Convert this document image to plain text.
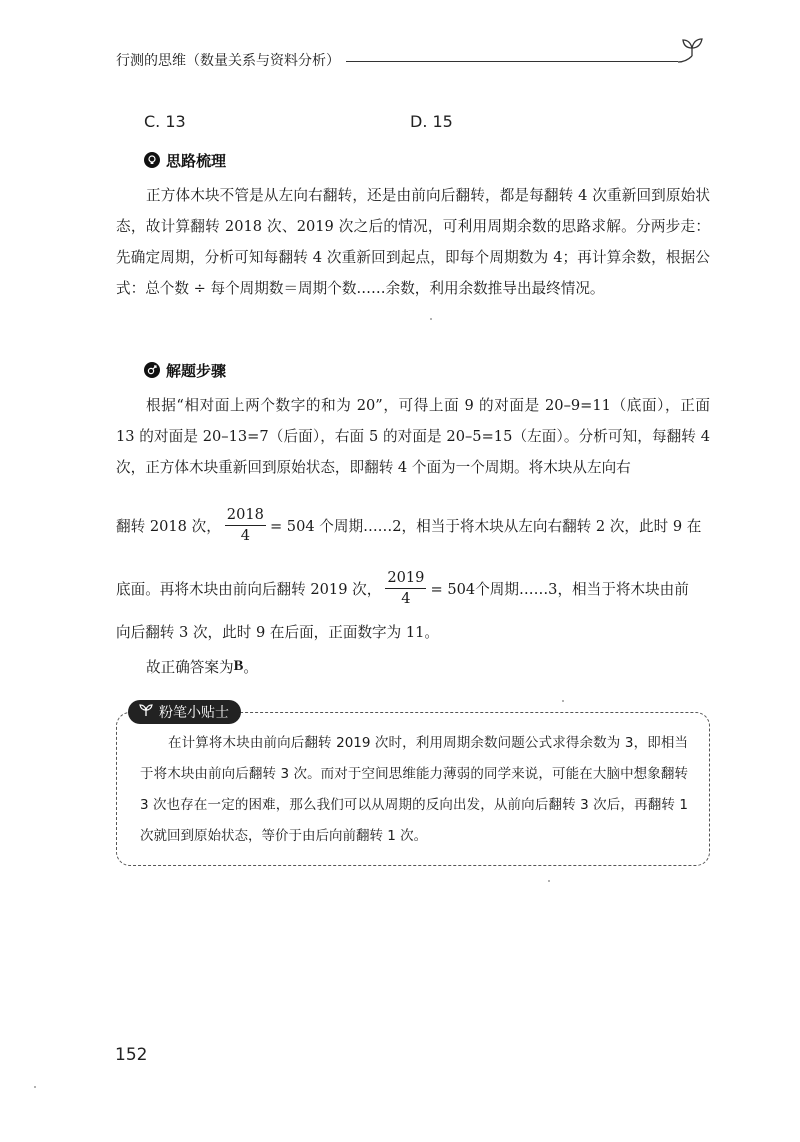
行测的思维（数量关系与资料分析）
C. 13	D. 15
思路梳理

正方体木块不管是从左向右翻转，还是由前向后翻转，都是每翻转 4 次重新回到原始状态，故计算翻转 2018 次、2019 次之后的情况，可利用周期余数的思路求解。分两步走：先确定周期，分析可知每翻转 4 次重新回到起点，即每个周期数为 4；再计算余数，根据公式：总个数 ÷ 每个周期数＝周期个数……余数，利用余数推导出最终情况。

解题步骤

根据“相对面上两个数字的和为 20”，可得上面 9 的对面是 20–9=11（底面），正面 13 的对面是 20–13=7（后面），右面 5 的对面是 20–5=15（左面）。分析可知，每翻转 4 次，正方体木块重新回到原始状态，即翻转 4 个面为一个周期。将木块从左向右

翻转 2018 次， $\frac{2018}{4} = 504$ 个周期……2，相当于将木块从左向右翻转 2 次，此时 9 在
底面。再将木块由前向后翻转 2019 次， $\frac{2019}{4} = 504$个周期……3，相当于将木块由前
向后翻转 3 次，此时 9 在后面，正面数字为 11。
故正确答案为 B 。
粉笔小贴士

在计算将木块由前向后翻转 2019 次时，利用周期余数问题公式求得余数为 3，即相当于将木块由前向后翻转 3 次。而对于空间思维能力薄弱的同学来说，可能在大脑中想象翻转 3 次也存在一定的困难，那么我们可以从周期的反向出发，从前向后翻转 3 次后，再翻转 1 次就回到原始状态，等价于由后向前翻转 1 次。

152
